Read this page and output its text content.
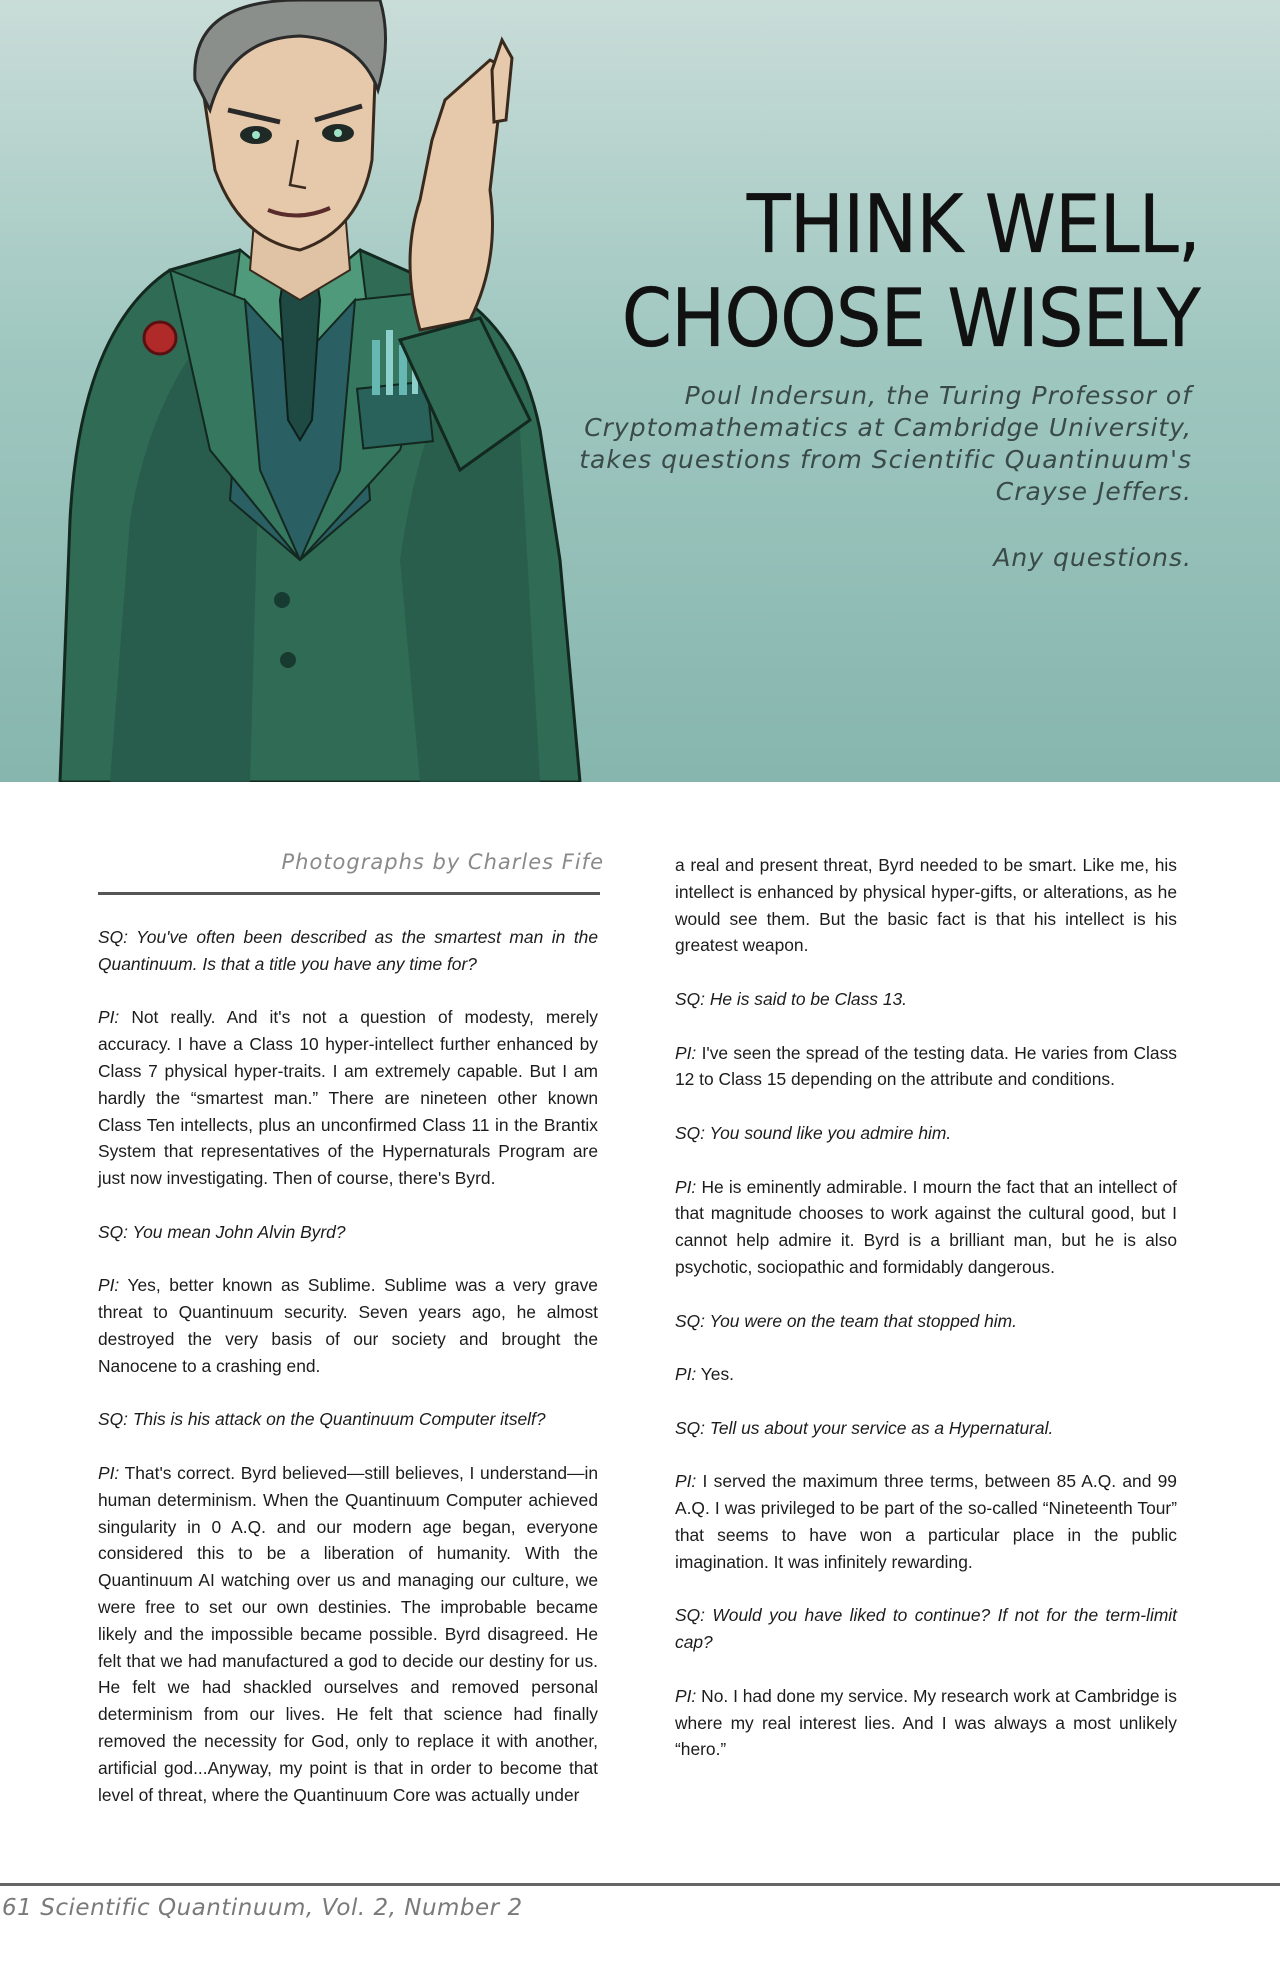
THINK WELL,
CHOOSE WISELY

Poul Indersun, the Turing Professor of Cryptomathematics at Cambridge University, takes questions from Scientific Quantinuum's Crayse Jeffers.

Any questions.

Photographs by Charles Fife

SQ: You've often been described as the smartest man in the Quantinuum. Is that a title you have any time for?

PI: Not really. And it's not a question of modesty, merely accuracy. I have a Class 10 hyper-intellect further enhanced by Class 7 physical hyper-traits. I am extremely capable. But I am hardly the “smartest man.” There are nineteen other known Class Ten intellects, plus an unconfirmed Class 11 in the Brantix System that representatives of the Hypernaturals Program are just now investigating. Then of course, there's Byrd.

SQ: You mean John Alvin Byrd?

PI: Yes, better known as Sublime. Sublime was a very grave threat to Quantinuum security. Seven years ago, he almost destroyed the very basis of our society and brought the Nanocene to a crashing end.

SQ: This is his attack on the Quantinuum Computer itself?

PI: That's correct. Byrd believed—still believes, I understand—in human determinism. When the Quantinuum Computer achieved singularity in 0 A.Q. and our modern age began, everyone considered this to be a liberation of humanity. With the Quantinuum AI watching over us and managing our culture, we were free to set our own destinies. The improbable became likely and the impossible became possible. Byrd disagreed. He felt that we had manufactured a god to decide our destiny for us. He felt we had shackled ourselves and removed personal determinism from our lives. He felt that science had finally removed the necessity for God, only to replace it with another, artificial god...Anyway, my point is that in order to become that level of threat, where the Quantinuum Core was actually under

a real and present threat, Byrd needed to be smart. Like me, his intellect is enhanced by physical hyper-gifts, or alterations, as he would see them. But the basic fact is that his intellect is his greatest weapon.

SQ: He is said to be Class 13.

PI: I've seen the spread of the testing data. He varies from Class 12 to Class 15 depending on the attribute and conditions.

SQ: You sound like you admire him.

PI: He is eminently admirable. I mourn the fact that an intellect of that magnitude chooses to work against the cultural good, but I cannot help admire it. Byrd is a brilliant man, but he is also psychotic, sociopathic and formidably dangerous.

SQ: You were on the team that stopped him.

PI: Yes.

SQ: Tell us about your service as a Hypernatural.

PI: I served the maximum three terms, between 85 A.Q. and 99 A.Q. I was privileged to be part of the so-called “Nineteenth Tour” that seems to have won a particular place in the public imagination. It was infinitely rewarding.

SQ: Would you have liked to continue? If not for the term-limit cap?

PI: No. I had done my service. My research work at Cambridge is where my real interest lies. And I was always a most unlikely “hero.”

61 Scientific Quantinuum, Vol. 2, Number 2
